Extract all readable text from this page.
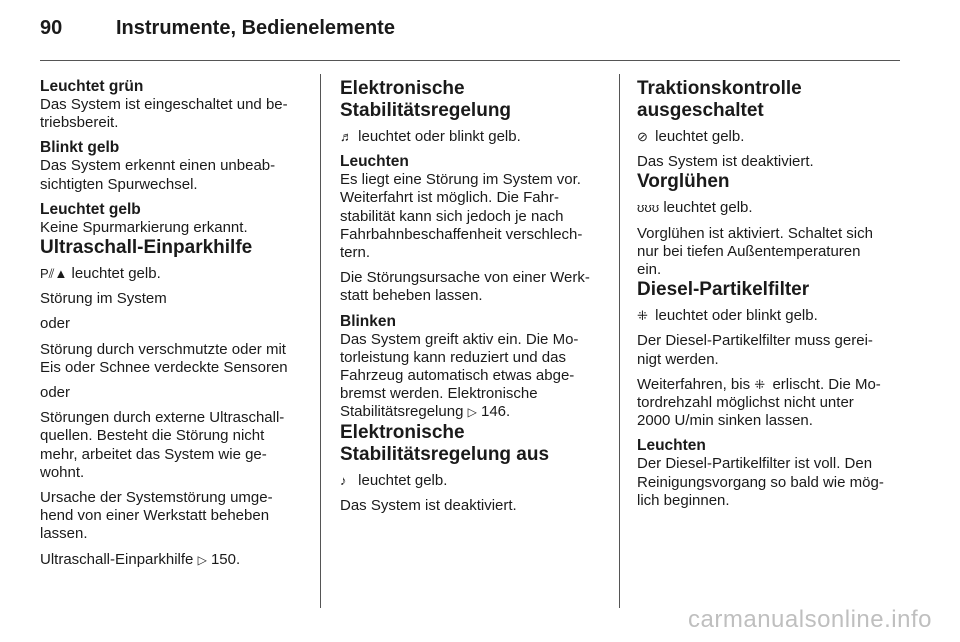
90	Instrumente, Bedienelemente

Leuchtet grün

Das System ist eingeschaltet und be-

triebsbereit.

Blinkt gelb

Das System erkennt einen unbeab-

sichtigten Spurwechsel.

Leuchtet gelb

Keine Spurmarkierung erkannt.

Ultraschall-Einparkhilfe

P⫽▲ leuchtet gelb.

Störung im System

oder

Störung durch verschmutzte oder mit

Eis oder Schnee verdeckte Sensoren

oder

Störungen durch externe Ultraschall-

quellen. Besteht die Störung nicht

mehr, arbeitet das System wie ge-

wohnt.

Ursache der Systemstörung umge-

hend von einer Werkstatt beheben

lassen.

Ultraschall-Einparkhilfe ▷ 150.

Elektronische

Stabilitätsregelung

♬ leuchtet oder blinkt gelb.

Leuchten

Es liegt eine Störung im System vor.

Weiterfahrt ist möglich. Die Fahr-

stabilität kann sich jedoch je nach

Fahrbahnbeschaffenheit verschlech-

tern.

Die Störungsursache von einer Werk-

statt beheben lassen.

Blinken

Das System greift aktiv ein. Die Mo-

torleistung kann reduziert und das

Fahrzeug automatisch etwas abge-

bremst werden. Elektronische

Stabilitätsregelung ▷ 146.

Elektronische

Stabilitätsregelung aus

♪ leuchtet gelb.

Das System ist deaktiviert.

Traktionskontrolle

ausgeschaltet

⊘ leuchtet gelb.

Das System ist deaktiviert.

Vorglühen

ʊʊʊ leuchtet gelb.

Vorglühen ist aktiviert. Schaltet sich

nur bei tiefen Außentemperaturen

ein.

Diesel-Partikelfilter

⁜ leuchtet oder blinkt gelb.

Der Diesel-Partikelfilter muss gerei-

nigt werden.

Weiterfahren, bis ⁜ erlischt. Die Mo-

tordrehzahl möglichst nicht unter

2000 U/min sinken lassen.

Leuchten

Der Diesel-Partikelfilter ist voll. Den

Reinigungsvorgang so bald wie mög-

lich beginnen.

carmanualsonline.info
